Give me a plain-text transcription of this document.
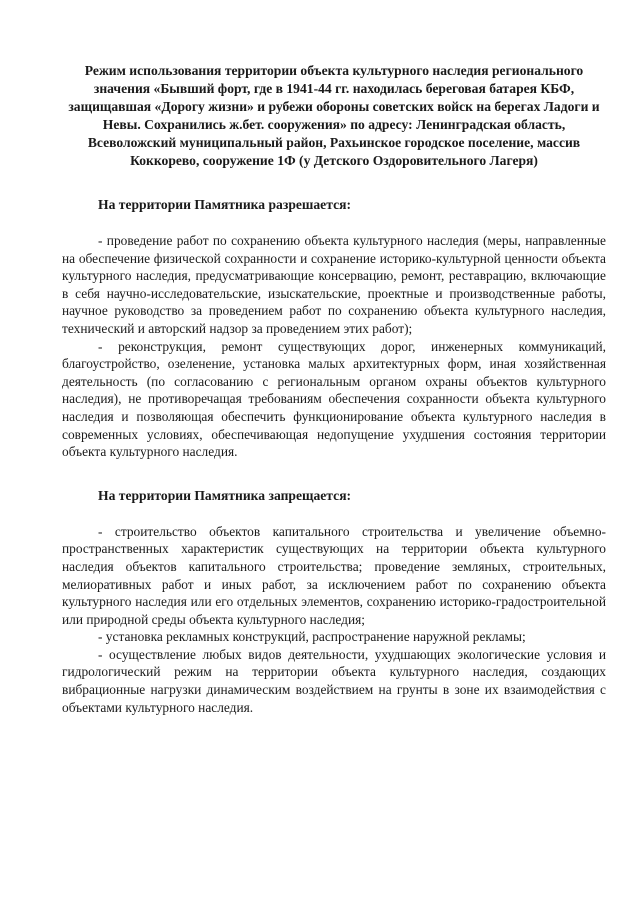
Режим использования территории объекта культурного наследия регионального значения «Бывший форт, где в 1941-44 гг. находилась береговая батарея КБФ, защищавшая «Дорогу жизни» и рубежи обороны советских войск на берегах Ладоги и Невы. Сохранились ж.бет. сооружения» по адресу: Ленинградская область, Всеволожский муниципальный район, Рахьинское городское поселение, массив Коккорево, сооружение 1Ф (у Детского Оздоровительного Лагеря)

На территории Памятника разрешается:

- проведение работ по сохранению объекта культурного наследия (меры, направленные на обеспечение физической сохранности и сохранение историко-культурной ценности объекта культурного наследия, предусматривающие консервацию, ремонт, реставрацию, включающие в себя научно-исследовательские, изыскательские, проектные и производственные работы, научное руководство за проведением работ по сохранению объекта культурного наследия, технический и авторский надзор за проведением этих работ);

- реконструкция, ремонт существующих дорог, инженерных коммуникаций, благоустройство, озеленение, установка малых архитектурных форм, иная хозяйственная деятельность (по согласованию с региональным органом охраны объектов культурного наследия), не противоречащая требованиям обеспечения сохранности объекта культурного наследия и позволяющая обеспечить функционирование объекта культурного наследия в современных условиях, обеспечивающая недопущение ухудшения состояния территории объекта культурного наследия.

На территории Памятника запрещается:

- строительство объектов капитального строительства и увеличение объемно-пространственных характеристик существующих на территории объекта культурного наследия объектов капитального строительства; проведение земляных, строительных, мелиоративных работ и иных работ, за исключением работ по сохранению объекта культурного наследия или его отдельных элементов, сохранению историко-градостроительной или природной среды объекта культурного наследия;

- установка рекламных конструкций, распространение наружной рекламы;

- осуществление любых видов деятельности, ухудшающих экологические условия и гидрологический режим на территории объекта культурного наследия, создающих вибрационные нагрузки динамическим воздействием на грунты в зоне их взаимодействия с объектами культурного наследия.
